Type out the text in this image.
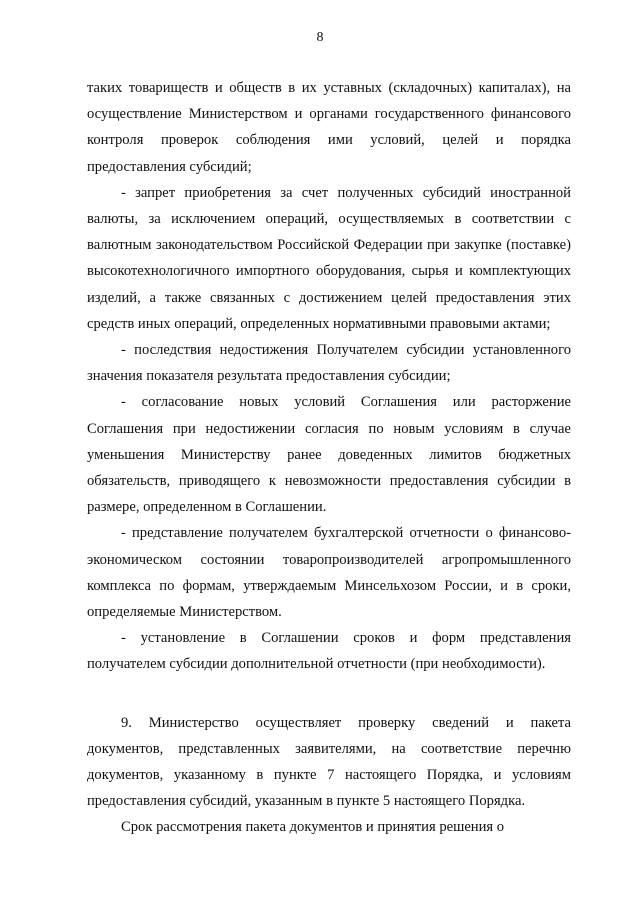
8

таких товариществ и обществ в их уставных (складочных) капиталах), на осуществление Министерством и органами государственного финансового контроля проверок соблюдения ими условий, целей и порядка предоставления субсидий;

- запрет приобретения за счет полученных субсидий иностранной валюты, за исключением операций, осуществляемых в соответствии с валютным законодательством Российской Федерации при закупке (поставке) высокотехнологичного импортного оборудования, сырья и комплектующих изделий, а также связанных с достижением целей предоставления этих средств иных операций, определенных нормативными правовыми актами;

- последствия недостижения Получателем субсидии установленного значения показателя результата предоставления субсидии;

- согласование новых условий Соглашения или расторжение Соглашения при недостижении согласия по новым условиям в случае уменьшения Министерству ранее доведенных лимитов бюджетных обязательств, приводящего к невозможности предоставления субсидии в размере, определенном в Соглашении.

- представление получателем бухгалтерской отчетности о финансово-экономическом состоянии товаропроизводителей агропромышленного комплекса по формам, утверждаемым Минсельхозом России, и в сроки, определяемые Министерством.

- установление в Соглашении сроков и форм представления получателем субсидии дополнительной отчетности (при необходимости).

9. Министерство осуществляет проверку сведений и пакета документов, представленных заявителями, на соответствие перечню документов, указанному в пункте 7 настоящего Порядка, и условиям предоставления субсидий, указанным в пункте 5 настоящего Порядка.

Срок рассмотрения пакета документов и принятия решения о
